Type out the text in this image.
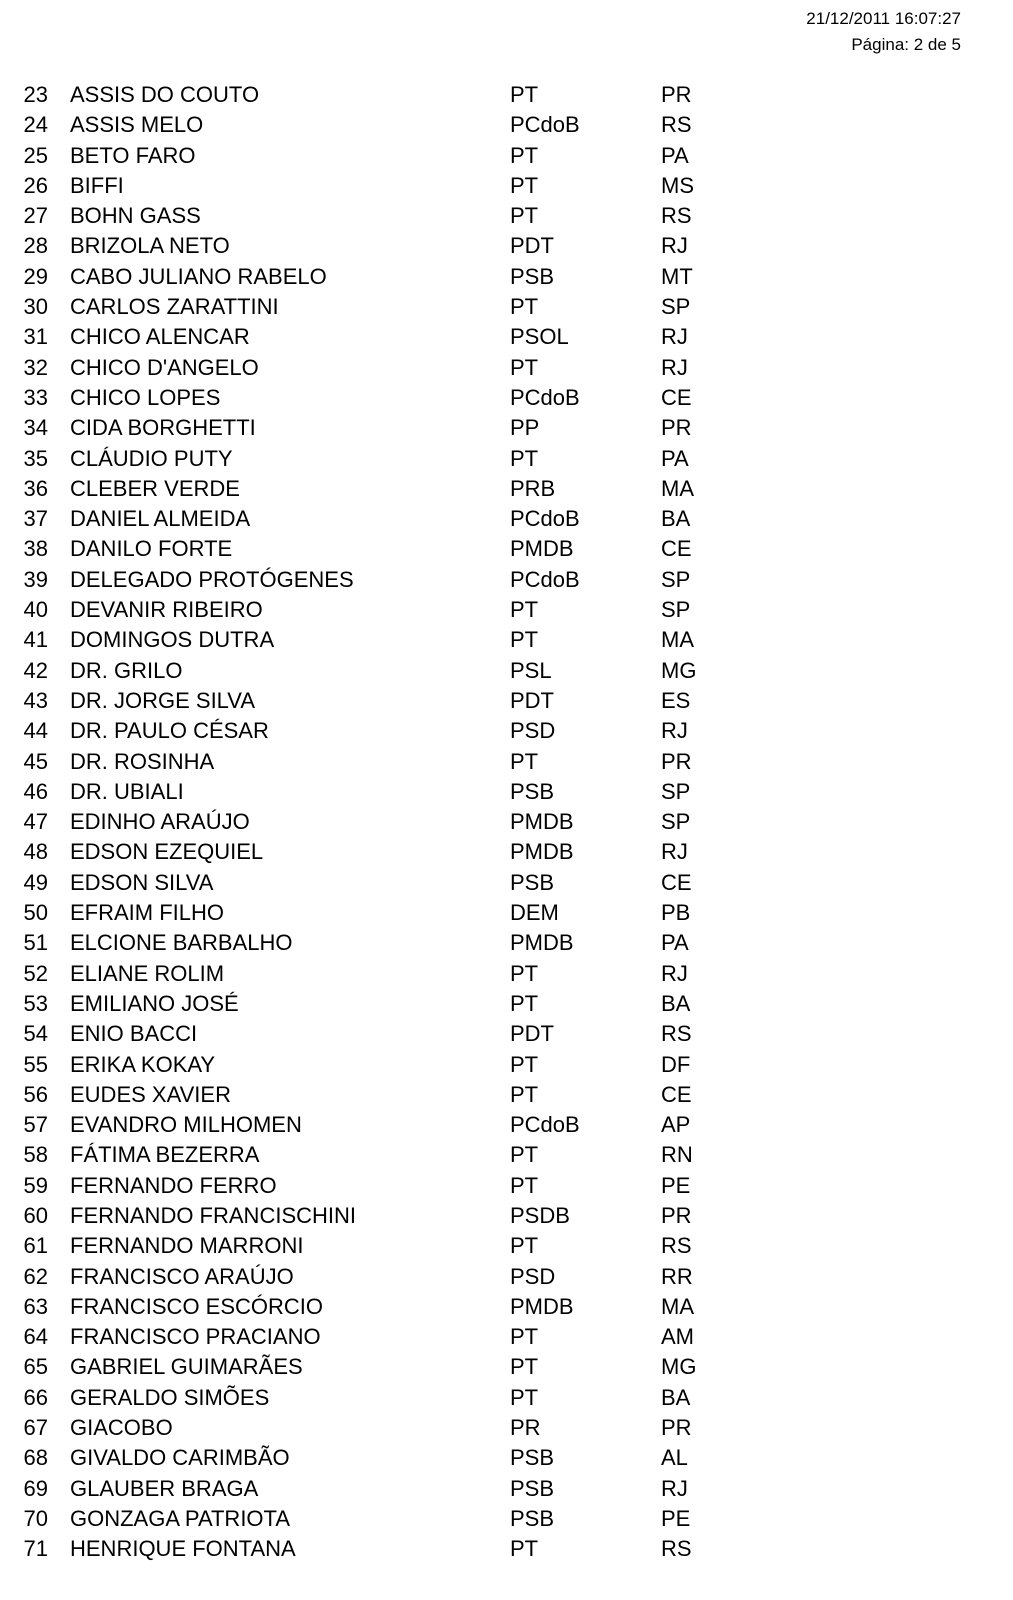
21/12/2011 16:07:27
Página: 2 de 5
23 ASSIS DO COUTO	PT	PR
24 ASSIS MELO	PCdoB	RS
25 BETO FARO	PT	PA
26 BIFFI	PT	MS
27 BOHN GASS	PT	RS
28 BRIZOLA NETO	PDT	RJ
29 CABO JULIANO RABELO	PSB	MT
30 CARLOS ZARATTINI	PT	SP
31 CHICO ALENCAR	PSOL	RJ
32 CHICO D'ANGELO	PT	RJ
33 CHICO LOPES	PCdoB	CE
34 CIDA BORGHETTI	PP	PR
35 CLÁUDIO PUTY	PT	PA
36 CLEBER VERDE	PRB	MA
37 DANIEL ALMEIDA	PCdoB	BA
38 DANILO FORTE	PMDB	CE
39 DELEGADO PROTÓGENES	PCdoB	SP
40 DEVANIR RIBEIRO	PT	SP
41 DOMINGOS DUTRA	PT	MA
42 DR. GRILO	PSL	MG
43 DR. JORGE SILVA	PDT	ES
44 DR. PAULO CÉSAR	PSD	RJ
45 DR. ROSINHA	PT	PR
46 DR. UBIALI	PSB	SP
47 EDINHO ARAÚJO	PMDB	SP
48 EDSON EZEQUIEL	PMDB	RJ
49 EDSON SILVA	PSB	CE
50 EFRAIM FILHO	DEM	PB
51 ELCIONE BARBALHO	PMDB	PA
52 ELIANE ROLIM	PT	RJ
53 EMILIANO JOSÉ	PT	BA
54 ENIO BACCI	PDT	RS
55 ERIKA KOKAY	PT	DF
56 EUDES XAVIER	PT	CE
57 EVANDRO MILHOMEN	PCdoB	AP
58 FÁTIMA BEZERRA	PT	RN
59 FERNANDO FERRO	PT	PE
60 FERNANDO FRANCISCHINI	PSDB	PR
61 FERNANDO MARRONI	PT	RS
62 FRANCISCO ARAÚJO	PSD	RR
63 FRANCISCO ESCÓRCIO	PMDB	MA
64 FRANCISCO PRACIANO	PT	AM
65 GABRIEL GUIMARÃES	PT	MG
66 GERALDO SIMÕES	PT	BA
67 GIACOBO	PR	PR
68 GIVALDO CARIMBÃO	PSB	AL
69 GLAUBER BRAGA	PSB	RJ
70 GONZAGA PATRIOTA	PSB	PE
71 HENRIQUE FONTANA	PT	RS
